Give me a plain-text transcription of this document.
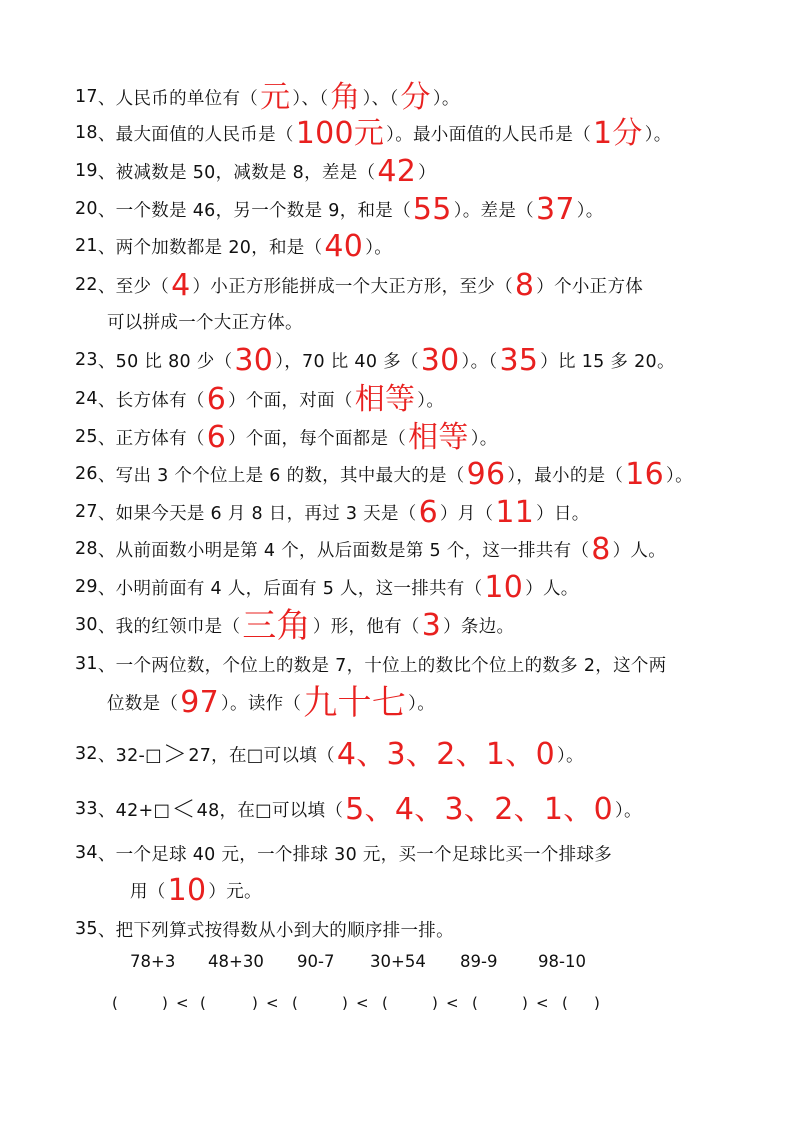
17 、人民币的单位有（ 元 ）、（ 角 ）、（ 分 ）。
18 、最大面值的人民币是（ 100元 ）。最小面值的人民币是（ 1分 ）。
19 、被减数是 50，减数是 8，差是（ 42 ）
20 、一个数是 46，另一个数是 9，和是（ 55 ）。差是（ 37 ）。
21 、两个加数都是 20，和是（ 40 ）。
22 、至少（ 4 ）小正方形能拼成一个大正方形，至少（ 8 ）个小正方体
可以拼成一个大正方体。
23 、50 比 80 少（ 30 ），70 比 40 多（ 30 ）。（ 35 ）比 15 多 20。
24 、长方体有（ 6 ）个面，对面（ 相等 ）。
25 、正方体有（ 6 ）个面，每个面都是（ 相等 ）。
26 、写出 3 个个位上是 6 的数，其中最大的是（ 96 ），最小的是（ 16 ）。
27 、如果今天是 6 月 8 日，再过 3 天是（ 6 ）月（ 11 ）日。
28 、从前面数小明是第 4 个，从后面数是第 5 个，这一排共有（ 8 ）人。
29 、小明前面有 4 人，后面有 5 人，这一排共有（ 10 ）人。
30 、我的红领巾是（ 三角 ）形，他有（ 3 ）条边。
31 、一个两位数，个位上的数是 7，十位上的数比个位上的数多 2，这个两
位数是（ 97 ）。读作（ 九十七 ）。
32 、32-□ ＞ 27，在□可以填（ 4、3、2、1、0 ）。
33 、42+□ ＜ 48，在□可以填（ 5、4、3、2、1、0 ）。
34 、一个足球 40 元，一个排球 30 元，买一个足球比买一个排球多
用（ 10 ）元。
35 、把下列算式按得数从小到大的顺序排一排。
78+3 48+30 90-7 30+54 89-9 98-10
(	) < (	) < (	) < (	) < (	) < ( )
